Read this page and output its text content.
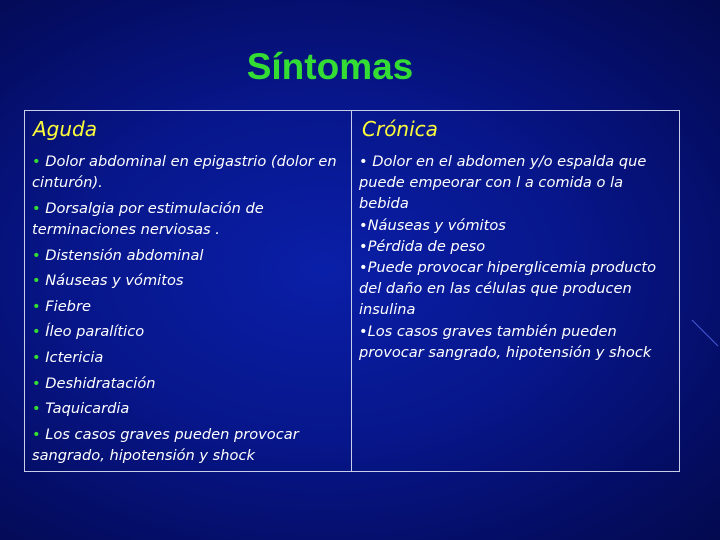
Síntomas
Aguda
• Dolor abdominal en epigastrio (dolor en cinturón).
• Dorsalgia por estimulación de terminaciones nerviosas .
• Distensión abdominal
• Náuseas y vómitos
• Fiebre
• Íleo paralítico
• Ictericia
• Deshidratación
• Taquicardia
• Los casos graves pueden provocar sangrado, hipotensión y shock
Crónica
• Dolor en el abdomen y/o espalda que puede empeorar con l a comida o la bebida
•Náuseas y vómitos
•Pérdida de peso
•Puede provocar hiperglicemia producto del daño en las células que producen insulina
•Los casos graves también pueden provocar sangrado, hipotensión y shock
